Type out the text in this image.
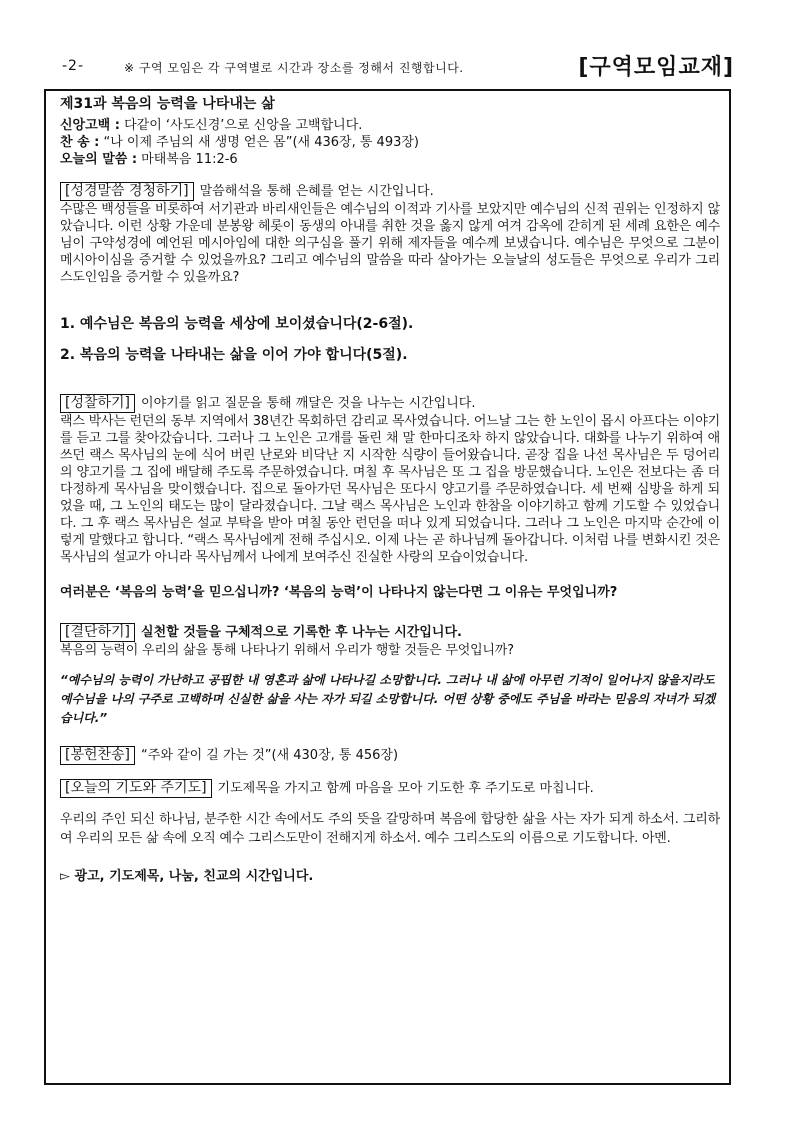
-2-	※ 구역 모임은 각 구역별로 시간과 장소를 정해서 진행합니다.	[구역모임교재]

제31과 복음의 능력을 나타내는 삶

신앙고백 : 다같이 ‘사도신경’으로 신앙을 고백합니다.

찬 송 : “나 이제 주님의 새 생명 얻은 몸”(새 436장, 통 493장)

오늘의 말씀 : 마태복음 11:2-6

[성경말씀 경청하기] 말씀해석을 통해 은혜를 얻는 시간입니다.

수많은 백성들을 비롯하여 서기관과 바리새인들은 예수님의 이적과 기사를 보았지만 예수님의 신적 권위는 인정하지 않았습니다. 이런 상황 가운데 분봉왕 헤롯이 동생의 아내를 취한 것을 옳지 않게 여겨 감옥에 갇히게 된 세례 요한은 예수님이 구약성경에 예언된 메시아임에 대한 의구심을 풀기 위해 제자들을 예수께 보냈습니다. 예수님은 무엇으로 그분이 메시아이심을 증거할 수 있었을까요? 그리고 예수님의 말씀을 따라 살아가는 오늘날의 성도들은 무엇으로 우리가 그리스도인임을 증거할 수 있을까요?

1. 예수님은 복음의 능력을 세상에 보이셨습니다(2-6절).

2. 복음의 능력을 나타내는 삶을 이어 가야 합니다(5절).

[성찰하기] 이야기를 읽고 질문을 통해 깨달은 것을 나누는 시간입니다.

랙스 박사는 런던의 동부 지역에서 38년간 목회하던 감리교 목사였습니다. 어느날 그는 한 노인이 몹시 아프다는 이야기를 듣고 그를 찾아갔습니다. 그러나 그 노인은 고개를 돌린 채 말 한마디조차 하지 않았습니다. 대화를 나누기 위하여 애쓰던 랙스 목사님의 눈에 식어 버린 난로와 비닥난 지 시작한 식량이 들어왔습니다. 곧장 집을 나선 목사님은 두 덩어리의 양고기를 그 집에 배달해 주도록 주문하였습니다. 며칠 후 목사님은 또 그 집을 방문했습니다. 노인은 전보다는 좀 더 다정하게 목사님을 맞이했습니다. 집으로 돌아가던 목사님은 또다시 양고기를 주문하였습니다. 세 번째 심방을 하게 되었을 때, 그 노인의 태도는 많이 달라졌습니다. 그날 랙스 목사님은 노인과 한참을 이야기하고 함께 기도할 수 있었습니다. 그 후 랙스 목사님은 설교 부탁을 받아 며칠 동안 런던을 떠나 있게 되었습니다. 그러나 그 노인은 마지막 순간에 이렇게 말했다고 합니다. “랙스 목사님에게 전해 주십시오. 이제 나는 곧 하나님께 돌아갑니다. 이처럼 나를 변화시킨 것은 목사님의 설교가 아니라 목사님께서 나에게 보여주신 진실한 사랑의 모습이었습니다.

여러분은 ‘복음의 능력’을 믿으십니까? ‘복음의 능력’이 나타나지 않는다면 그 이유는 무엇입니까?

[결단하기] 실천할 것들을 구체적으로 기록한 후 나누는 시간입니다.

복음의 능력이 우리의 삶을 통해 나타나기 위해서 우리가 행할 것들은 무엇입니까?

“예수님의 능력이 가난하고 공핍한 내 영혼과 삶에 나타나길 소망합니다. 그러나 내 삶에 아무런 기적이 일어나지 않을지라도 예수님을 나의 구주로 고백하며 신실한 삶을 사는 자가 되길 소망합니다. 어떤 상황 중에도 주님을 바라는 믿음의 자녀가 되겠습니다.”

[봉헌찬송] “주와 같이 길 가는 것”(새 430장, 통 456장)

[오늘의 기도와 주기도] 기도제목을 가지고 함께 마음을 모아 기도한 후 주기도로 마칩니다.

우리의 주인 되신 하나님, 분주한 시간 속에서도 주의 뜻을 갈망하며 복음에 합당한 삶을 사는 자가 되게 하소서. 그리하여 우리의 모든 삶 속에 오직 예수 그리스도만이 전해지게 하소서. 예수 그리스도의 이름으로 기도합니다. 아멘.

▻ 광고, 기도제목, 나눔, 친교의 시간입니다.
